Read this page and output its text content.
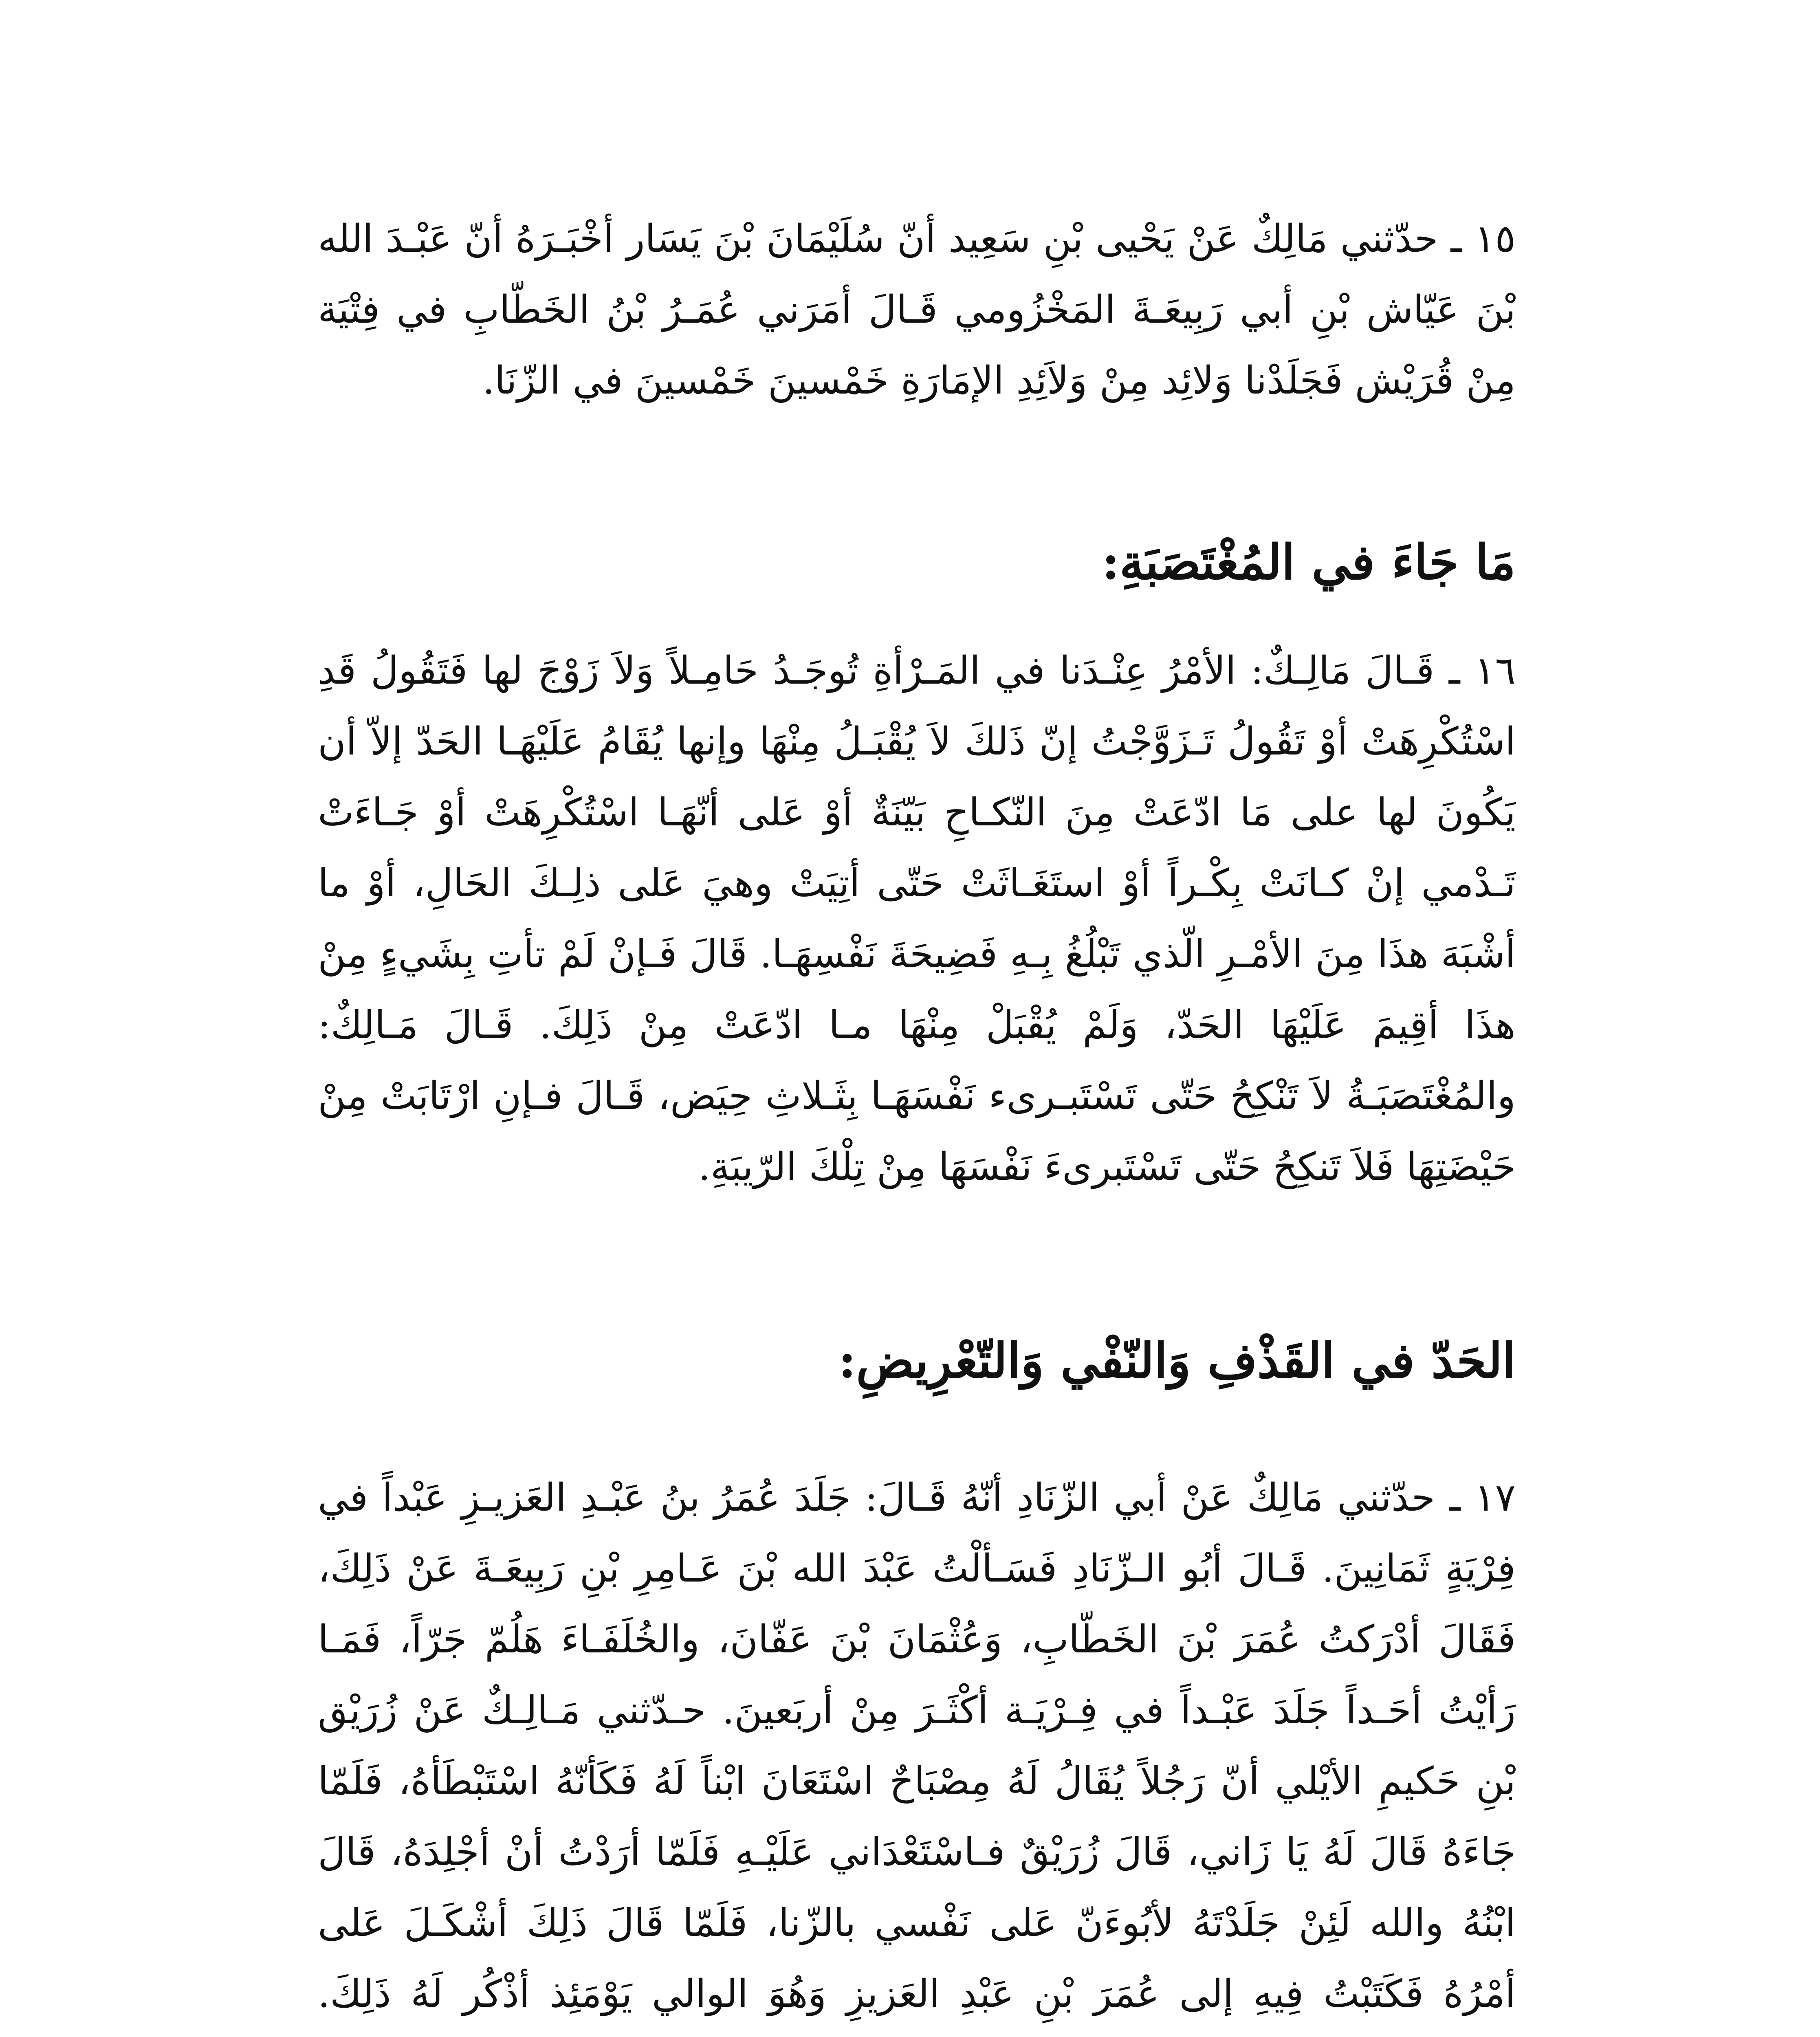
١٥ ـ حدّثني مَالِكٌ عَنْ يَحْيى بْنِ سَعِيد أنّ سُلَيْمَانَ بْنَ يَسَار أخْبَـرَهُ أنّ عَبْـدَ الله بْنَ عَيّاش بْنِ أبي رَبِيعَـةَ المَخْزُومي قَـالَ أمَرَني عُمَـرُ بْنُ الخَطّابِ في فِتْيَة مِنْ قُرَيْش فَجَلَدْنا وَلائِد مِنْ وَلاَئِدِ الإمَارَةِ خَمْسينَ خَمْسينَ في الزّنَا.

مَا جَاءَ في المُغْتَصَبَةِ:

١٦ ـ قَـالَ مَالِـكٌ: الأمْرُ عِنْـدَنا في المَـرْأةِ تُوجَـدُ حَامِـلاً وَلاَ زَوْجَ لها فَتَقُولُ قَدِ اسْتُكْرِهَتْ أوْ تَقُولُ تَـزَوَّجْتُ إنّ ذَلكَ لاَ يُقْبَـلُ مِنْهَا وإنها يُقَامُ عَلَيْهَـا الحَدّ إلاّ أن يَكُونَ لها على مَا ادّعَتْ مِنَ النّكـاحِ بَيّنَةٌ أوْ عَلى أنّهَـا اسْتُكْرِهَتْ أوْ جَـاءَتْ تَـدْمي إنْ كـانَتْ بِكْـراً أوْ استَغَـاثَتْ حَتّى أتِيَتْ وهيَ عَلى ذلِـكَ الحَالِ، أوْ ما أشْبَهَ هذَا مِنَ الأمْـرِ الّذي تَبْلُغُ بِـهِ فَضِيحَةَ نَفْسِهَـا. قَالَ فَـإنْ لَمْ تأتِ بِشَيءٍ مِنْ هذَا أقِيمَ عَلَيْهَا الحَدّ، وَلَمْ يُقْبَلْ مِنْهَا مـا ادّعَتْ مِنْ ذَلِكَ. قَـالَ مَـالِكٌ: والمُغْتَصَبَـةُ لاَ تَنْكِحُ حَتّى تَسْتَبـرىء نَفْسَهَـا بِثَـلاثِ حِيَض، قَـالَ فـإنِ ارْتَابَتْ مِنْ حَيْضَتِهَا فَلاَ تَنكِحُ حَتّى تَسْتَبرىءَ نَفْسَهَا مِنْ تِلْكَ الرّيبَةِ.

الحَدّ في القَذْفِ وَالنّفْي وَالتّعْرِيضِ:

١٧ ـ حدّثني مَالِكٌ عَنْ أبي الزّنَادِ أنّهُ قَـالَ: جَلَدَ عُمَرُ بنُ عَبْـدِ العَزيـزِ عَبْداً في فِرْيَةٍ ثَمَانِينَ. قَـالَ أبُو الـزّنَادِ فَسَـألْتُ عَبْدَ الله بْنَ عَـامِرِ بْنِ رَبِيعَـةَ عَنْ ذَلِكَ، فَقَالَ أدْرَكتُ عُمَرَ بْنَ الخَطّابِ، وَعُثْمَانَ بْنَ عَفّانَ، والخُلَفَـاءَ هَلُمّ جَرّاً، فَمَـا رَأيْتُ أحَـداً جَلَدَ عَبْـداً في فِـرْيَـة أكْثَـرَ مِنْ أربَعينَ. حـدّثني مَـالِـكٌ عَنْ زُرَيْق بْنِ حَكيمِ الأيْلي أنّ رَجُلاً يُقَالُ لَهُ مِصْبَاحٌ اسْتَعَانَ ابْناً لَهُ فَكَأنّهُ اسْتَبْطَأهُ، فَلَمّا جَاءَهُ قَالَ لَهُ يَا زَاني، قَالَ زُرَيْقٌ فـاسْتَعْدَاني عَلَيْـهِ فَلَمّا أرَدْتُ أنْ أجْلِدَهُ، قَالَ ابْنُهُ والله لَئِنْ جَلَدْتَهُ لأبُوءَنّ عَلى نَفْسي بالزّنا، فَلَمّا قَالَ ذَلِكَ أشْكَـلَ عَلى أمْرُهُ فَكَتَبْتُ فِيهِ إلى عُمَرَ بْنِ عَبْدِ العَزيزِ وَهُوَ الوالي يَوْمَئِذ أذْكُر لَهُ ذَلِكَ.
